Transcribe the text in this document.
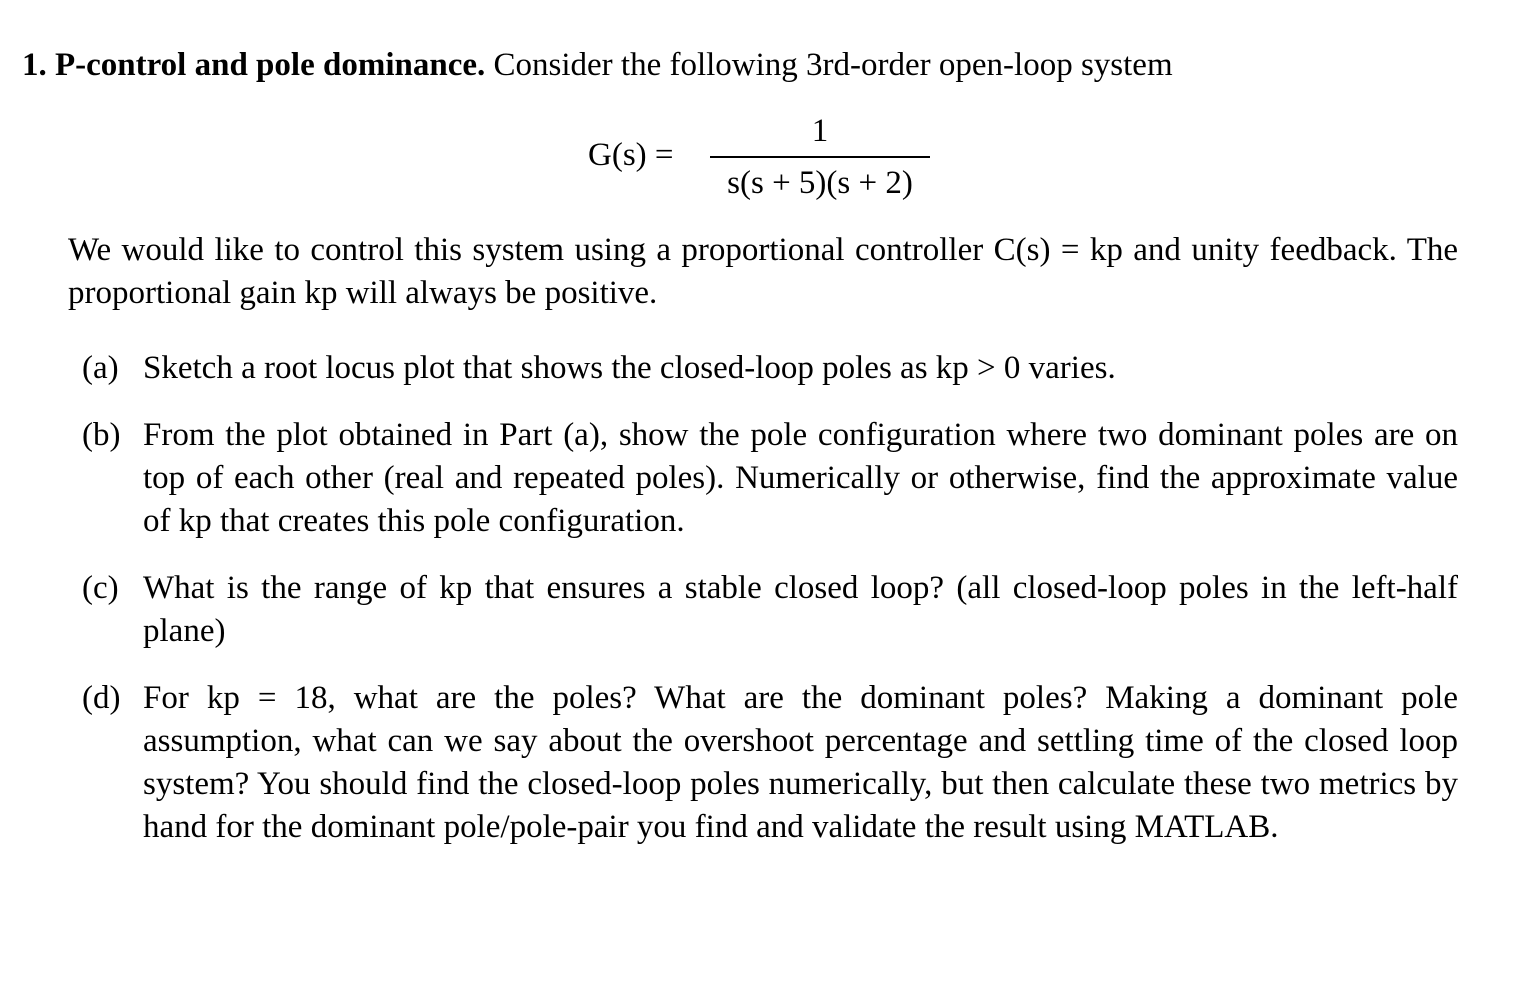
1. P-control and pole dominance. Consider the following 3rd-order open-loop system
G(s) =
1
s(s + 5)(s + 2)
We would like to control this system using a proportional controller C(s) = kp and unity feedback. The proportional gain kp will always be positive.
(a) Sketch a root locus plot that shows the closed-loop poles as kp > 0 varies.
(b) From the plot obtained in Part (a), show the pole configuration where two dominant poles are on top of each other (real and repeated poles). Numerically or otherwise, find the approximate value of kp that creates this pole configuration.
(c) What is the range of kp that ensures a stable closed loop? (all closed-loop poles in the left-half plane)
(d) For kp = 18, what are the poles? What are the dominant poles? Making a dominant pole assumption, what can we say about the overshoot percentage and settling time of the closed loop system? You should find the closed-loop poles numerically, but then calculate these two metrics by hand for the dominant pole/pole-pair you find and validate the result using MATLAB.
